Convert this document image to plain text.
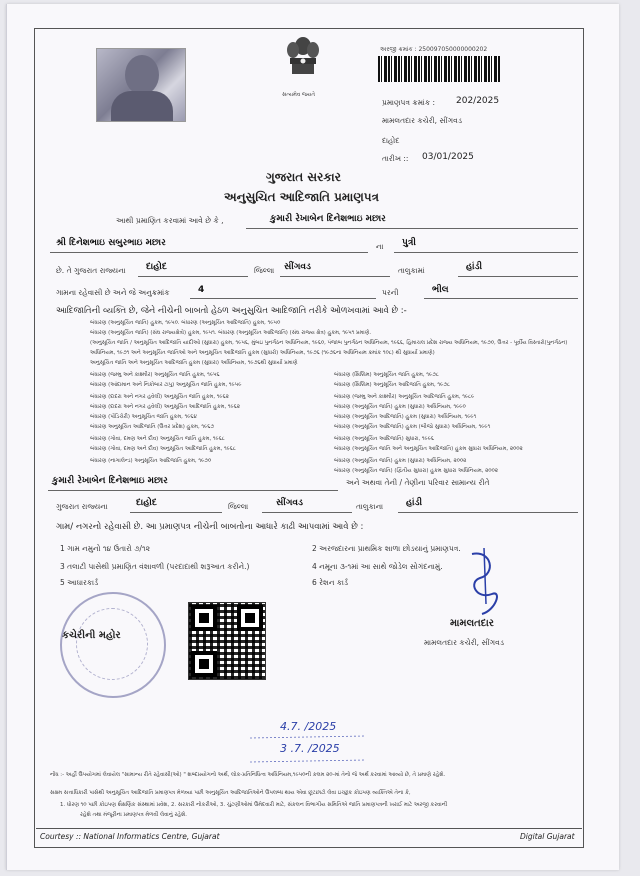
સત્યમેવ જયતે
અરજી ક્રમાંક : 250097050000000202
પ્રમાણપત્ર ક્રમાંક : 202/2025
મામલતદાર કચેરી, સીંગવડ
દાહોદ
તારીખ :: 03/01/2025
ગુજરાત સરકાર
અનુસુચિત આદિજાતિ પ્રમાણપત્ર
આથી પ્રમાણિત કરવામાં આવે છે કે ,	કુમારી રેખાબેન દિનેશભાઇ મછાર
શ્રી દિનેશભાઇ સબુરભાઇ મછાર	ના પુત્રી
છે. તે ગુજરાત રાજ્યના દાહોદ	જિલ્લા સીંગવડ	તાલુકામાં	હાંડી
ગામના રહેવાસી છે અને જે અનુક્રમાંક	4	પરની	ભીલ
આદિજાતિની વ્યક્તિ છે, જેને નીચેની બાબતો હેઠળ અનુસુચિત આદિજાતિ તરીકે ઓળખવામાં આવે છે :-
બંધારણ (અનુસૂચિત જાતિ) હુકમ, ૧૯૫૦. બંધારણ (અનુસૂચિત આદિજાતિ) હુકમ, ૧૯૫૦
બંધારણ (અનુસૂચિત જાતિ) (સંઘ રાજ્યક્ષેત્રો) હુકમ, ૧૯૫૧. બંધારણ (અનુસૂચિત આદિજાતિ) (સંઘ રાજ્ય ક્ષેત્ર) હુકમ, ૧૯૫૧ પ્રમાણે.
(અનુસૂચિત જાતિ / અનુસૂચિત આદિજાતિ યાદીઓ (સુધારા) હુકમ, ૧૯૫૬, મુંબઇ પુનર્ગઠન અધિનિયમ, ૧૯૬૦, પંજાબ પુનર્ગઠન અધિનિયમ, ૧૯૬૬, હિમાચલ પ્રદેશ રાજ્ય અધિનિયમ, ૧૯૭૦, ઉત્તર - પૂર્વીય વિસ્તારો(પુનર્ગઠન)
અધિનિયમ, ૧૯૭૧ અને અનુસૂચિત જાતિઓ અને અનુસૂચિત આદિજાતિ હુકમ (સુધારો) અધિનિયમ, ૧૯૭૬ (૧૯૭૬ના અધિનિયમ ક્રમાંક ૧૦૮) થી સુધાર્યા પ્રમાણે)
અનુસૂચિત જાતિ અને અનુસૂચિત આદિજાતિ હુકમ (સુધારા) અધિનિયમ, ૧૯૭૬થી સુધાર્યા પ્રમાણે
બંધારણ (જમ્મુ અને કાશ્મીર) અનુસૂચિત જાતિ હુકમ, ૧૯૫૬
બંધારણ (આંદામાન અને નિકોબાર ટાપુ) અનુસૂચિત જાતિ હુકમ, ૧૯૫૯
બંધારણ (દાદરા અને નગર હવેલી) અનુસૂચિત જાતિ હુકમ, ૧૯૬૨
બંધારણ (દાદરા અને નગર હવેલી) અનુસૂચિત આદિજાતિ હુકમ, ૧૯૬૨
બંધારણ (પોંડિચેરી) અનુસૂચિત જાતિ હુકમ, ૧૯૬૪
બંધારણ અનુસૂચિત આદિજાતિ (ઉત્તર પ્રદેશ) હુકમ, ૧૯૬૭
બંધારણ (ગોવા, દમણ અને દીવ) અનુસૂચિત જાતિ હુકમ, ૧૯૬૮
બંધારણ (ગોવા, દમણ અને દીવ) અનુસૂચિત આદિજાતિ હુકમ, ૧૯૬૮
બંધારણ (નાગાલેન્ડ) અનુસૂચિત આદિજાતિ હુકમ, ૧૯૭૦
બંધારણ (સિક્કિમ) અનુસૂચિત જાતિ હુકમ, ૧૯૭૮
બંધારણ (સિક્કિમ) અનુસૂચિત આદિજાતિ હુકમ, ૧૯૭૮
બંધારણ (જમ્મુ અને કાશ્મીર) અનુસૂચિત આદિજાતિ હુકમ, ૧૯૮૯
બંધારણ (અનુસૂચિત જાતિ) હુકમ (સુધારા) અધિનિયમ, ૧૯૯૦
બંધારણ (અનુસૂચિત આદિજાતિ) હુકમ (સુધારા) અધિનિયમ, ૧૯૯૧
બંધારણ (અનુસૂચિત આદિજાતિ) હુકમ (બીજો સુધારા) અધિનિયમ, ૧૯૯૧
બંધારણ (અનુસૂચિત આદિજાતિ) સુધારા, ૧૯૯૬
બંધારણ (અનુસૂચિત જાતિ અને અનુસૂચિત આદિજાતિ) હુકમ સુધારા અધિનિયમ, ૨૦૦૨
બંધારણ (અનુસૂચિત જાતિ) હુકમ (સુધારા) અધિનિયમ, ૨૦૦૨
બંધારણ (અનુસૂચિત જાતિ) (દ્વિતીય સુધારા) હુકમ સુધારા અધિનિયમ, ૨૦૦૨
કુમારી રેખાબેન દિનેશભાઇ મછાર	અને અથવા તેની / તેણીના પરિવાર સામાન્ય રીતે
ગુજરાત રાજ્યના	દાહોદ	જિલ્લા	સીંગવડ	તાલુકાના	હાંડી
ગામ/ નગરનો રહેવાસી છે. આ પ્રમાણપત્ર નીચેની બાબતોના આધારે કાઢી આપવામાં આવે છે :
1 ગામ નમુનો ૧૪ ઉતારો ૭/૧૨	2 અરજદારના પ્રાથમિક શાળા છોડયાનું પ્રમાણપત્ર.
3 તલાટી પાસેથી પ્રમાણિત વંશાવળી (પરદાદાથી શરૂઆત કરીને.)	4 નમૂના ૩-૧માં આ સાથે જોડેલ સોગંદનામું.
5 આધારકાર્ડ	6 રેશન કાર્ડ
કચેરીની મહોર
મામલતદાર
મામલતદાર કચેરી, સીંગવડ
4.7. /2025
3 .7. /2025
નોંધ :- અહીં ઉપયોગમાં લેવાયેલ "સામાન્ય રીતે રહેવાસી(ઓ) " શબ્દપ્રયોગનો અર્થ, લોક-પ્રતિનિધિત્વ અધિનિયમ,૧૯૫૦ની કલમ ૨૦-માં તેનો જે અર્થ કરવામાં આવ્યો છે, તે પ્રમાણે રહેશે.
સક્ષમ સત્તાધિકારી પાસેથી અનુસૂચિત આદિજાતિ પ્રમાણપત્ર મેળવ્યા પછી અનુસૂચિત આદિજાતિઓને ઉપલબ્ધ થાય એવા છૂટછાટો લેવા ઇચ્છુક કોઇપણ વ્યક્તિએ તેના કે,
1. ધોરણ ૧૦ પછી કોઇપણ શૈક્ષણિક સંસ્થામાં પ્રવેશ, 2. સરકારી નોકરીઓ, 3. ચુંટણીઓમાં ઉમેદવારી માટે, સંકલન વિભાગીય સમિતિએ જાતિ પ્રમાણપત્રની ખરાઈ માટે અરજી કરવાની
રહેશે તથા મંજૂરીના પ્રમાણપત્ર મેળવી લેવાનું રહેશે.
Courtesy :: National Informatics Centre, Gujarat	Digital Gujarat
